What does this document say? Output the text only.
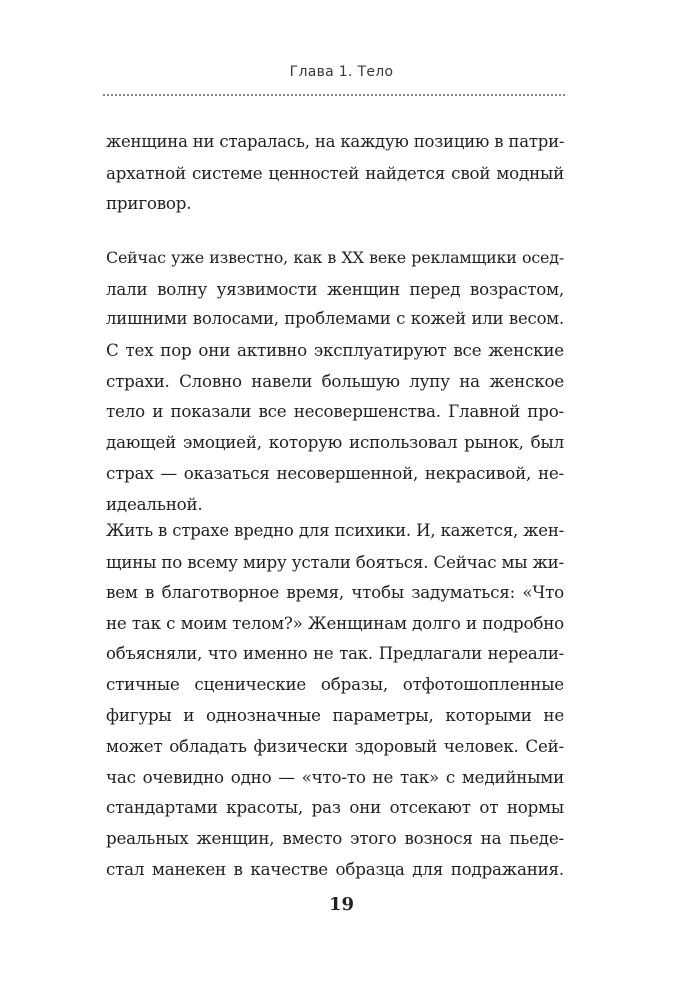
Глава 1. Тело
женщина ни старалась, на каждую позицию в патри-
архатной системе ценностей найдется свой модный
приговор.
Сейчас уже известно, как в XX веке рекламщики осед-
лали волну уязвимости женщин перед возрастом,
лишними волосами, проблемами с кожей или весом.
С тех пор они активно эксплуатируют все женские
страхи. Словно навели большую лупу на женское
тело и показали все несовершенства. Главной про-
дающей эмоцией, которую использовал рынок, был
страх — оказаться несовершенной, некрасивой, не-
идеальной.
Жить в страхе вредно для психики. И, кажется, жен-
щины по всему миру устали бояться. Сейчас мы жи-
вем в благотворное время, чтобы задуматься: «Что
не так с моим телом?» Женщинам долго и подробно
объясняли, что именно не так. Предлагали нереали-
стичные сценические образы, отфотошопленные
фигуры и однозначные параметры, которыми не
может обладать физически здоровый человек. Сей-
час очевидно одно — «что-то не так» с медийными
стандартами красоты, раз они отсекают от нормы
реальных женщин, вместо этого вознося на пьеде-
стал манекен в качестве образца для подражания.
19
